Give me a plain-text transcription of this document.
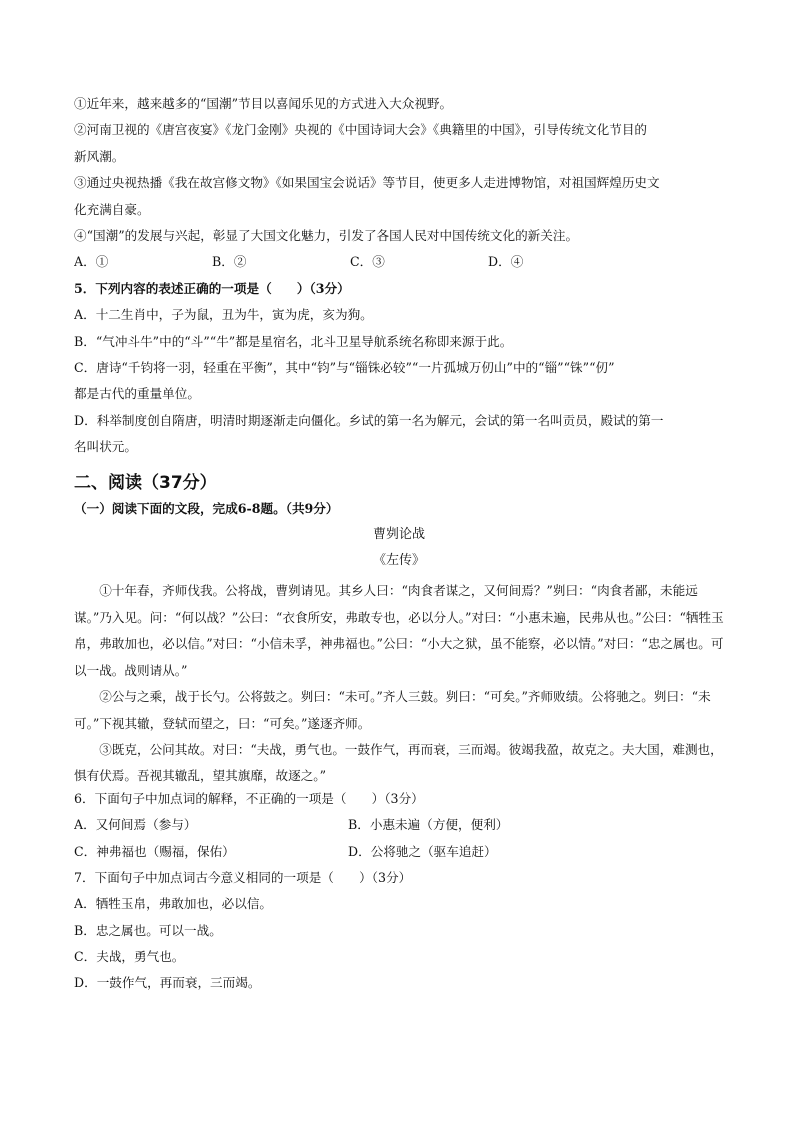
①近年来，越来越多的“国潮”节目以喜闻乐见的方式进入大众视野。
②河南卫视的《唐宫夜宴》《龙门金刚》央视的《中国诗词大会》《典籍里的中国》，引导传统文化节目的
新风潮。
③通过央视热播《我在故宫修文物》《如果国宝会说话》等节目，使更多人走进博物馆，对祖国辉煌历史文
化充满自豪。
④“国潮”的发展与兴起，彰显了大国文化魅力，引发了各国人民对中国传统文化的新关注。
A．①	B．②	C．③	D．④
5．下列内容的表述正确的一项是（　　）（3分）
A．十二生肖中，子为鼠，丑为牛，寅为虎，亥为狗。
B．“气冲斗牛”中的“斗”“牛”都是星宿名，北斗卫星导航系统名称即来源于此。
C．唐诗“千钧将一羽，轻重在平衡”，其中“钧”与“锱铢必较”“一片孤城万仞山”中的“锱”“铢”“仞”
都是古代的重量单位。
D．科举制度创自隋唐，明清时期逐渐走向僵化。乡试的第一名为解元，会试的第一名叫贡员，殿试的第一
名叫状元。
二、阅读（37分）
（一）阅读下面的文段，完成6-8题。（共9分）
曹刿论战
《左传》
①十年春，齐师伐我。公将战，曹刿请见。其乡人曰：“肉食者谋之，又何间焉？”刿曰：“肉食者鄙，未能远谋。”乃入见。问：“何以战？”公曰：“衣食所安，弗敢专也，必以分人。”对曰：“小惠未遍，民弗从也。”公曰：“牺牲玉帛，弗敢加也，必以信。”对曰：“小信未孚，神弗福也。”公曰：“小大之狱，虽不能察，必以情。”对曰：“忠之属也。可以一战。战则请从。”
②公与之乘，战于长勺。公将鼓之。刿曰：“未可。”齐人三鼓。刿曰：“可矣。”齐师败绩。公将驰之。刿曰：“未可。”下视其辙，登轼而望之，曰：“可矣。”遂逐齐师。
③既克，公问其故。对曰：“夫战，勇气也。一鼓作气，再而衰，三而竭。彼竭我盈，故克之。夫大国，难测也，惧有伏焉。吾视其辙乱，望其旗靡，故逐之。”
6．下面句子中加点词的解释，不正确的一项是（　　）（3分）
A．又何间焉（参与）	B．小惠未遍（方便，便利）
C．神弗福也（赐福，保佑）	D．公将驰之（驱车追赶）
7．下面句子中加点词古今意义相同的一项是（　　）（3分）
A．牺牲玉帛，弗敢加也，必以信。
B．忠之属也。可以一战。
C．夫战，勇气也。
D．一鼓作气，再而衰，三而竭。
